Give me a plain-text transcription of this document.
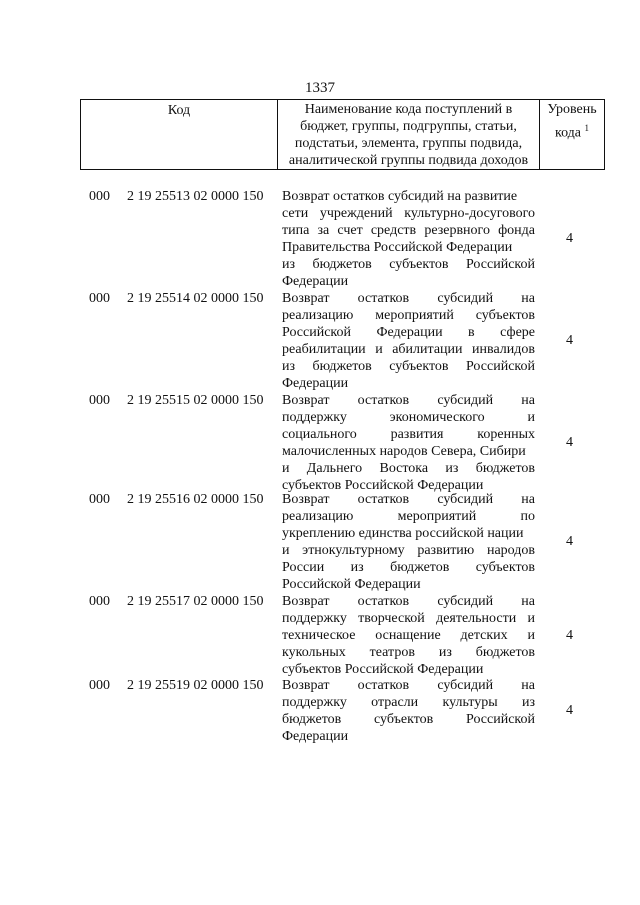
1337
Код	Наименование кода поступлений в
бюджет, группы, подгруппы, статьи,
подстатьи, элемента, группы подвида,
аналитической группы подвида доходов
Уровень
кода $^1$
000 2 19 25513 02 0000 150 Возврат остатков субсидий на развитие
сети учреждений культурно-досугового
типа за счет средств резервного фонда
Правительства Российской Федерации
из бюджетов субъектов Российской
Федерации
4
000 2 19 25514 02 0000 150 Возврат остатков субсидий на
реализацию мероприятий субъектов
Российской Федерации в сфере
реабилитации и абилитации инвалидов
из бюджетов субъектов Российской
Федерации
4
000 2 19 25515 02 0000 150 Возврат остатков субсидий на
поддержку экономического и
социального развития коренных
малочисленных народов Севера, Сибири
и Дальнего Востока из бюджетов
субъектов Российской Федерации
4
000 2 19 25516 02 0000 150 Возврат остатков субсидий на
реализацию мероприятий по
укреплению единства российской нации
и этнокультурному развитию народов
России из бюджетов субъектов
Российской Федерации
4
000 2 19 25517 02 0000 150 Возврат остатков субсидий на
поддержку творческой деятельности и
техническое оснащение детских и
кукольных театров из бюджетов
субъектов Российской Федерации
4
000 2 19 25519 02 0000 150 Возврат остатков субсидий на
поддержку отрасли культуры из
бюджетов субъектов Российской
Федерации
4
